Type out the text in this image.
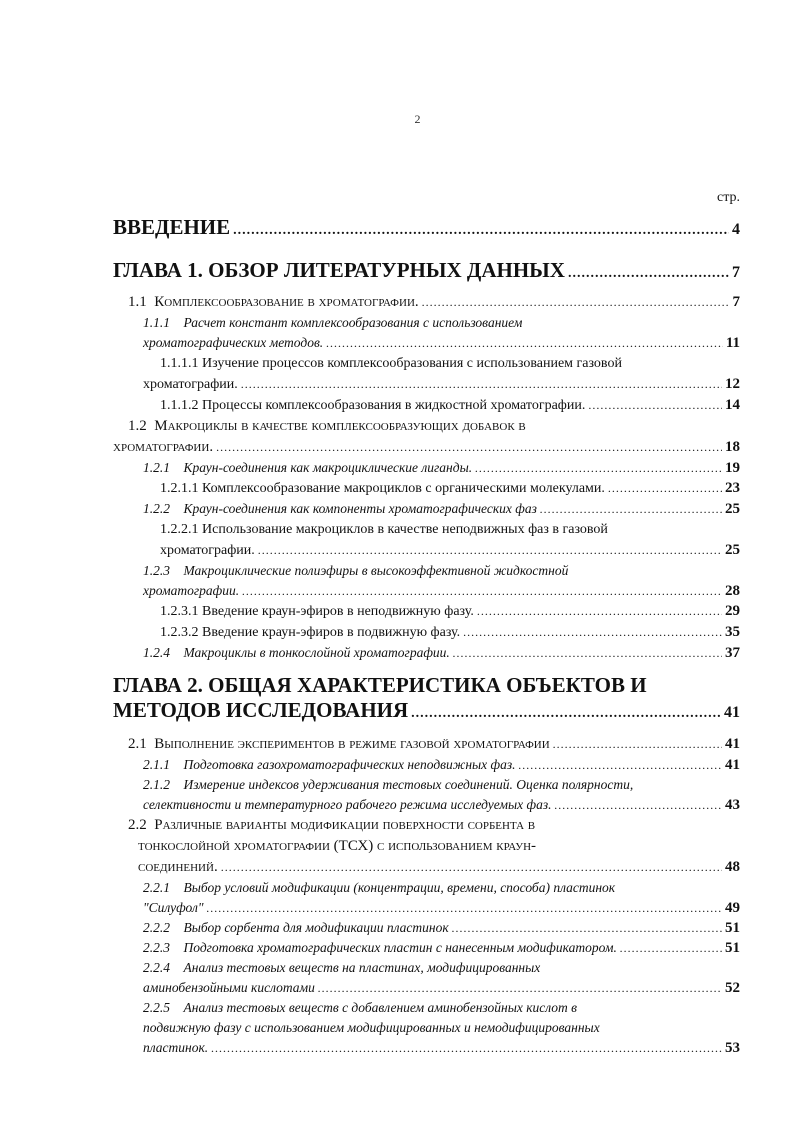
2
стр.
ВВЕДЕНИЕ .....	4
ГЛАВА 1. ОБЗОР ЛИТЕРАТУРНЫХ ДАННЫХ .....	7
1.1 Комплексообразование в хроматографии. .....	7
1.1.1 Расчет констант комплексообразования с использованием
хроматографических методов. .....	11
1.1.1.1 Изучение процессов комплексообразования с использованием газовой
хроматографии. .....	12
1.1.1.2 Процессы комплексообразования в жидкостной хроматографии. .....	14
1.2 Макроциклы в качестве комплексообразующих добавок в
хроматографии. .....	18
1.2.1 Краун-соединения как макроциклические лиганды. .....	19
1.2.1.1 Комплексообразование макроциклов с органическими молекулами. .....	23
1.2.2 Краун-соединения как компоненты хроматографических фаз .....	25
1.2.2.1 Использование макроциклов в качестве неподвижных фаз в газовой
хроматографии. .....	25
1.2.3 Макроциклические полиэфиры в высокоэффективной жидкостной
хроматографии. .....	28
1.2.3.1 Введение краун-эфиров в неподвижную фазу. .....	29
1.2.3.2 Введение краун-эфиров в подвижную фазу. .....	35
1.2.4 Макроциклы в тонкослойной хроматографии. .....	37
ГЛАВА 2. ОБЩАЯ ХАРАКТЕРИСТИКА ОБЪЕКТОВ И
МЕТОДОВ ИССЛЕДОВАНИЯ .....	41
2.1 Выполнение экспериментов в режиме газовой хроматографии .....	41
2.1.1 Подготовка газохроматографических неподвижных фаз. .....	41
2.1.2 Измерение индексов удерживания тестовых соединений. Оценка полярности,
селективности и температурного рабочего режима исследуемых фаз. .....	43
2.2 Различные варианты модификации поверхности сорбента в
тонкослойной хроматографии (ТСХ) с использованием краун-
соединений. .....	48
2.2.1 Выбор условий модификации (концентрации, времени, способа) пластинок
"Силуфол" .....	49
2.2.2 Выбор сорбента для модификации пластинок .....	51
2.2.3 Подготовка хроматографических пластин с нанесенным модификатором. .....	51
2.2.4 Анализ тестовых веществ на пластинах, модифицированных
аминобензойными кислотами .....	52
2.2.5 Анализ тестовых веществ с добавлением аминобензойных кислот в
подвижную фазу с использованием модифицированных и немодифицированных
пластинок. .....	53
